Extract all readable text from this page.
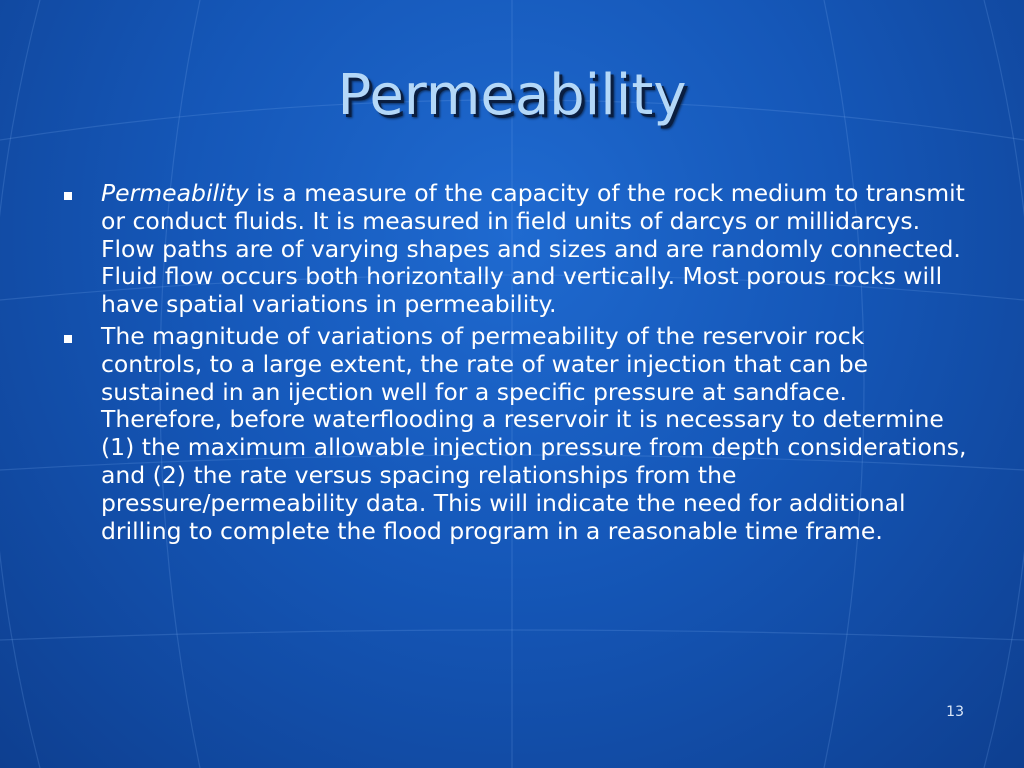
Permeability
Permeability is a measure of the capacity of the rock medium to transmit or conduct fluids. It is measured in field units of darcys or millidarcys. Flow paths are of varying shapes and sizes and are randomly connected. Fluid flow occurs both horizontally and vertically. Most porous rocks will have spatial variations in permeability.
The magnitude of variations of permeability of the reservoir rock controls, to a large extent, the rate of water injection that can be sustained in an ijection well for a specific pressure at sandface. Therefore, before waterflooding a reservoir it is necessary to determine (1) the maximum allowable injection pressure from depth considerations, and (2) the rate versus spacing relationships from the pressure/permeability data. This will indicate the need for additional drilling to complete the flood program in a reasonable time frame.
13
